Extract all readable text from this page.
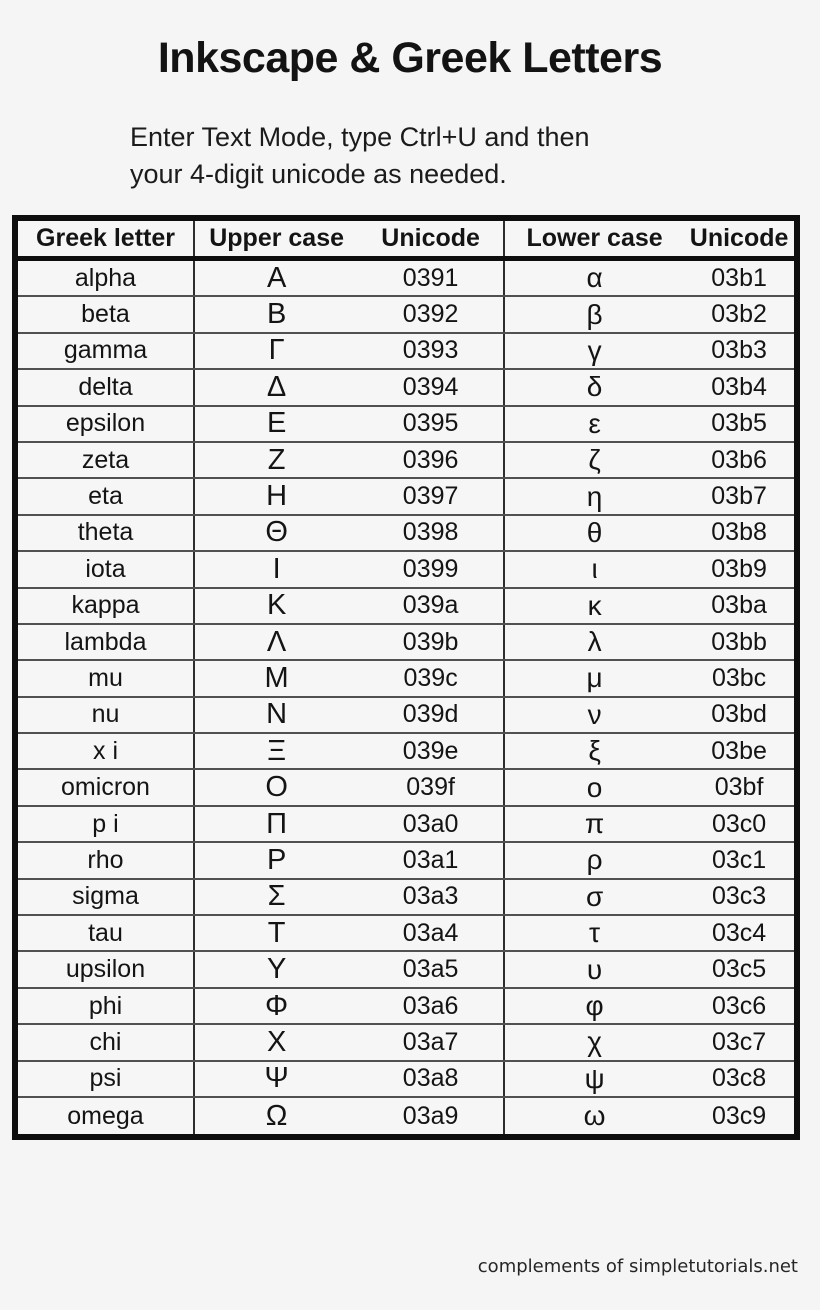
Inkscape & Greek Letters
Enter Text Mode, type Ctrl+U and then
your 4-digit unicode as needed.
Greek letter	Upper case	Unicode	Lower case	Unicode
alpha	Α	0391	α	03b1
beta	Β	0392	β	03b2
gamma	Γ	0393	γ	03b3
delta	Δ	0394	δ	03b4
epsilon	Ε	0395	ε	03b5
zeta	Ζ	0396	ζ	03b6
eta	Η	0397	η	03b7
theta	Θ	0398	θ	03b8
iota	Ι	0399	ι	03b9
kappa	Κ	039a	κ	03ba
lambda	Λ	039b	λ	03bb
mu	Μ	039c	μ	03bc
nu	Ν	039d	ν	03bd
x i	Ξ	039e	ξ	03be
omicron	Ο	039f	ο	03bf
p i	Π	03a0	π	03c0
rho	Ρ	03a1	ρ	03c1
sigma	Σ	03a3	σ	03c3
tau	Τ	03a4	τ	03c4
upsilon	Υ	03a5	υ	03c5
phi	Φ	03a6	φ	03c6
chi	Χ	03a7	χ	03c7
psi	Ψ	03a8	ψ	03c8
omega	Ω	03a9	ω	03c9
complements of simpletutorials.net
